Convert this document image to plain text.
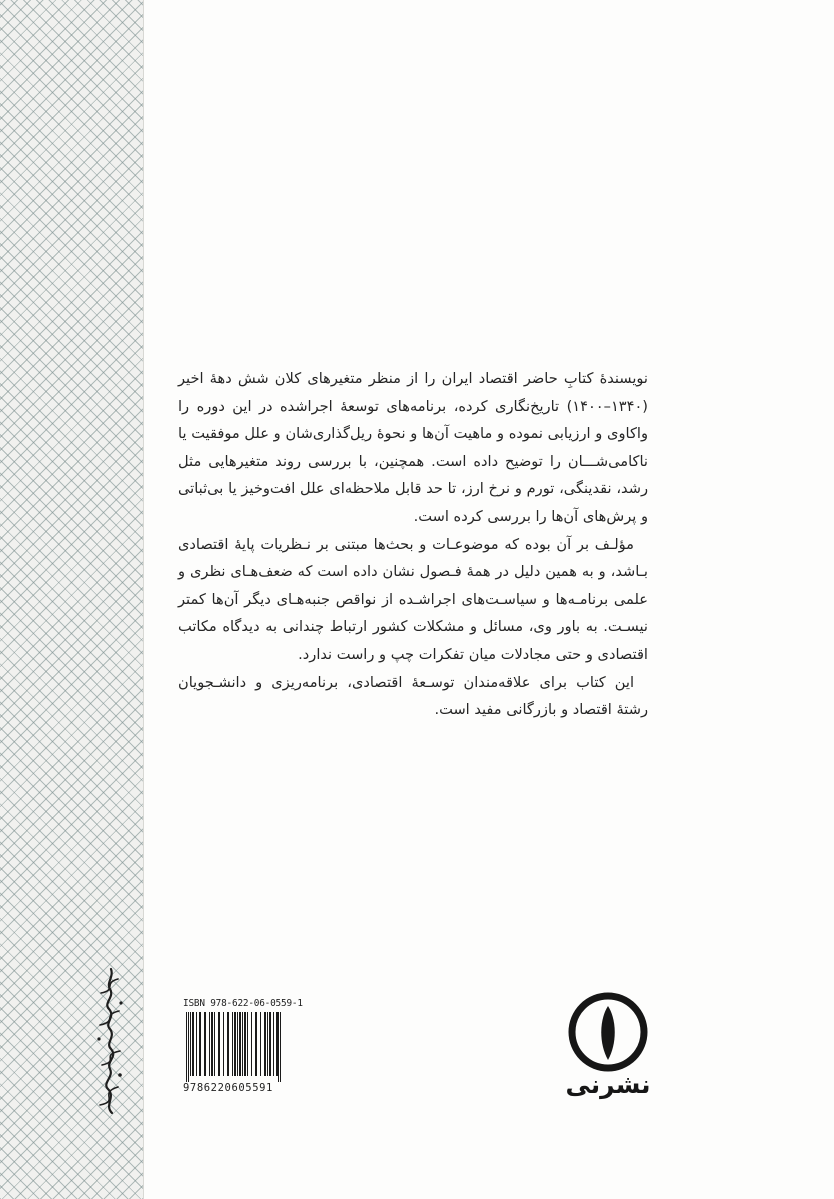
نویسندهٔ کتابِ حاضر اقتصاد ایران را از منظر متغیرهای کلان شش دههٔ اخیر (۱۳۴۰–۱۴۰۰) تاریخ‌نگاری کرده، برنامه‌های توسعهٔ اجراشده در این دوره را واکاوی و ارزیابی نموده و ماهیت آن‌ها و نحوهٔ ریل‌گذاری‌شان و علل موفقیت یا ناکامی‌شـــان را توضیح داده است. همچنین، با بررسی روند متغیرهایی مثل رشد، نقدینگی، تورم و نرخ ارز، تا حد قابل ملاحظه‌ای علل افت‌وخیز یا بی‌ثباتی و پرش‌های آن‌ها را بررسی کرده است.

مؤلـف بر آن بوده که موضوعـات و بحث‌ها مبتنی بر نـظریات پایهٔ اقتصادی بـاشد، و به همین دلیل در همهٔ فـصول نشان داده است که ضعف‌هـای نظری و علمی برنامـه‌ها و سیاسـت‌های اجراشـده از نواقص جنبه‌هـای دیگر آن‌ها کمتر نیسـت. به باور وی، مسائل و مشکلات کشور ارتباط چندانی به دیدگاه مکاتب اقتصادی و حتی مجادلات میان تفکرات چپ و راست ندارد.

این کتاب برای علاقه‌مندان توسـعهٔ اقتصادی، برنامه‌ریزی و دانشـجویان رشتهٔ اقتصاد و بازرگانی مفید است.

ISBN 978-622-06-0559-1
9786220605591	نشرنی
